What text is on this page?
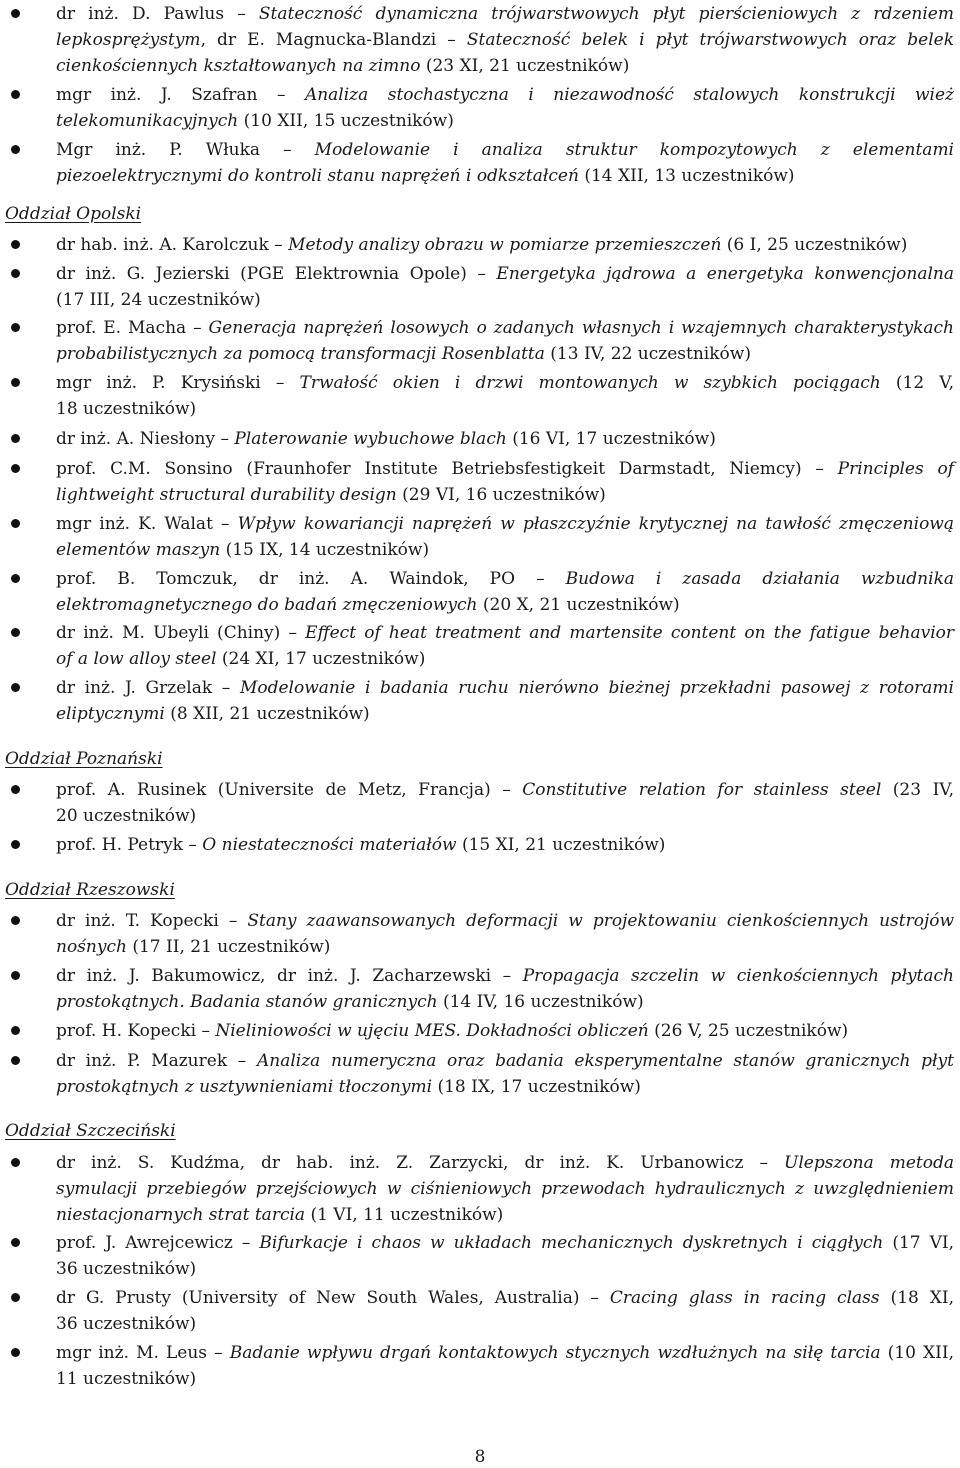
dr inż. D. Pawlus – Stateczność dynamiczna trójwarstwowych płyt pierścieniowych z rdzeniem
lepkosprężystym, dr E. Magnucka-Blandzi – Stateczność belek i płyt trójwarstwowych oraz belek
cienkościennych kształtowanych na zimno (23 XI, 21 uczestników)
mgr inż. J. Szafran – Analiza stochastyczna i niezawodność stalowych konstrukcji wież
telekomunikacyjnych (10 XII, 15 uczestników)
Mgr inż. P. Włuka – Modelowanie i analiza struktur kompozytowych z elementami
piezoelektrycznymi do kontroli stanu naprężeń i odkształceń (14 XII, 13 uczestników)
Oddział Opolski
dr hab. inż. A. Karolczuk – Metody analizy obrazu w pomiarze przemieszczeń (6 I, 25 uczestników)
dr inż. G. Jezierski (PGE Elektrownia Opole) – Energetyka jądrowa a energetyka konwencjonalna
(17 III, 24 uczestników)
prof. E. Macha – Generacja naprężeń losowych o zadanych własnych i wzajemnych charakterystykach
probabilistycznych za pomocą transformacji Rosenblatta (13 IV, 22 uczestników)
mgr inż. P. Krysiński – Trwałość okien i drzwi montowanych w szybkich pociągach (12 V,
18 uczestników)
dr inż. A. Niesłony – Platerowanie wybuchowe blach (16 VI, 17 uczestników)
prof. C.M. Sonsino (Fraunhofer Institute Betriebsfestigkeit Darmstadt, Niemcy) – Principles of
lightweight structural durability design (29 VI, 16 uczestników)
mgr inż. K. Walat – Wpływ kowariancji naprężeń w płaszczyźnie krytycznej na tawłość zmęczeniową
elementów maszyn (15 IX, 14 uczestników)
prof. B. Tomczuk, dr inż. A. Waindok, PO – Budowa i zasada działania wzbudnika
elektromagnetycznego do badań zmęczeniowych (20 X, 21 uczestników)
dr inż. M. Ubeyli (Chiny) – Effect of heat treatment and martensite content on the fatigue behavior
of a low alloy steel (24 XI, 17 uczestników)
dr inż. J. Grzelak – Modelowanie i badania ruchu nierówno bieżnej przekładni pasowej z rotorami
eliptycznymi (8 XII, 21 uczestników)
Oddział Poznański
prof. A. Rusinek (Universite de Metz, Francja) – Constitutive relation for stainless steel (23 IV,
20 uczestników)
prof. H. Petryk – O niestateczności materiałów (15 XI, 21 uczestników)
Oddział Rzeszowski
dr inż. T. Kopecki – Stany zaawansowanych deformacji w projektowaniu cienkościennych ustrojów
nośnych (17 II, 21 uczestników)
dr inż. J. Bakumowicz, dr inż. J. Zacharzewski – Propagacja szczelin w cienkościennych płytach
prostokątnych. Badania stanów granicznych (14 IV, 16 uczestników)
prof. H. Kopecki – Nieliniowości w ujęciu MES. Dokładności obliczeń (26 V, 25 uczestników)
dr inż. P. Mazurek – Analiza numeryczna oraz badania eksperymentalne stanów granicznych płyt
prostokątnych z usztywnieniami tłoczonymi (18 IX, 17 uczestników)
Oddział Szczeciński
dr inż. S. Kudźma, dr hab. inż. Z. Zarzycki, dr inż. K. Urbanowicz – Ulepszona metoda
symulacji przebiegów przejściowych w ciśnieniowych przewodach hydraulicznych z uwzględnieniem
niestacjonarnych strat tarcia (1 VI, 11 uczestników)
prof. J. Awrejcewicz – Bifurkacje i chaos w układach mechanicznych dyskretnych i ciągłych (17 VI,
36 uczestników)
dr G. Prusty (University of New South Wales, Australia) – Cracing glass in racing class (18 XI,
36 uczestników)
mgr inż. M. Leus – Badanie wpływu drgań kontaktowych stycznych wzdłużnych na siłę tarcia (10 XII,
11 uczestników)
8
